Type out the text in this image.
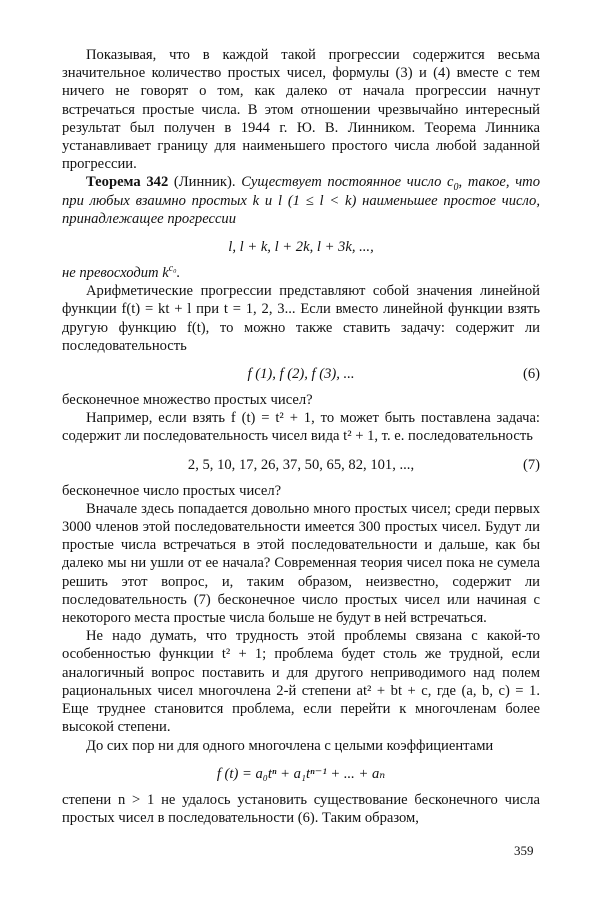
Показывая, что в каждой такой прогрессии содержится весьма значительное количество простых чисел, формулы (3) и (4) вместе с тем ничего не говорят о том, как далеко от начала прогрессии начнут встречаться простые числа. В этом отношении чрезвычайно интересный результат был получен в 1944 г. Ю. В. Линником. Теорема Линника устанавливает границу для наименьшего простого числа любой заданной прогрессии.

Теорема 342 (Линник). Существует постоянное число $c_0$, такое, что при любых взаимно простых k и l (1 ≤ l < k) наименьшее простое число, принадлежащее прогрессии

l, l + k, l + 2k, l + 3k, ...,

не превосходит $k^{c_0}$.

Арифметические прогрессии представляют собой значения линейной функции f(t) = kt + l при t = 1, 2, 3... Если вместо линейной функции взять другую функцию f(t), то можно также ставить задачу: содержит ли последовательность

f (1), f (2), f (3), ...	(6)

бесконечное множество простых чисел?

Например, если взять f (t) = t² + 1, то может быть поставлена задача: содержит ли последовательность чисел вида t² + 1, т. е. последовательность

2, 5, 10, 17, 26, 37, 50, 65, 82, 101, ...,	(7)

бесконечное число простых чисел?

Вначале здесь попадается довольно много простых чисел; среди первых 3000 членов этой последовательности имеется 300 простых чисел. Будут ли простые числа встречаться в этой последовательности и дальше, как бы далеко мы ни ушли от ее начала? Современная теория чисел пока не сумела решить этот вопрос, и, таким образом, неизвестно, содержит ли последовательность (7) бесконечное число простых чисел или начиная с некоторого места простые числа больше не будут в ней встречаться.

Не надо думать, что трудность этой проблемы связана с какой-то особенностью функции t² + 1; проблема будет столь же трудной, если аналогичный вопрос поставить и для другого неприводимого над полем рациональных чисел многочлена 2-й степени at² + bt + c, где (a, b, c) = 1. Еще труднее становится проблема, если перейти к многочленам более высокой степени.

До сих пор ни для одного многочлена с целыми коэффициентами

f (t) = a₀tⁿ + a₁tⁿ⁻¹ + ... + aₙ

степени n > 1 не удалось установить существование бесконечного числа простых чисел в последовательности (6). Таким образом,

359
